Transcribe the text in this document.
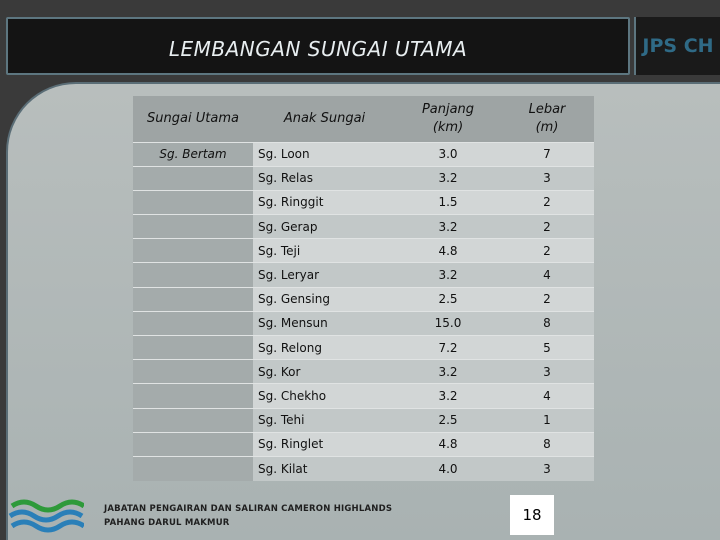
LEMBANGAN SUNGAI UTAMA	JPS CH
Sungai Utama	Anak Sungai	Panjang (km)	Lebar (m)
Sg. Bertam	Sg. Loon	3.0	7
	Sg. Relas	3.2	3
	Sg. Ringgit	1.5	2
	Sg. Gerap	3.2	2
	Sg. Teji	4.8	2
	Sg. Leryar	3.2	4
	Sg. Gensing	2.5	2
	Sg. Mensun	15.0	8
	Sg. Relong	7.2	5
	Sg. Kor	3.2	3
	Sg. Chekho	3.2	4
	Sg. Tehi	2.5	1
	Sg. Ringlet	4.8	8
	Sg. Kilat	4.0	3
JABATAN PENGAIRAN DAN SALIRAN CAMERON HIGHLANDS
PAHANG DARUL MAKMUR	18
